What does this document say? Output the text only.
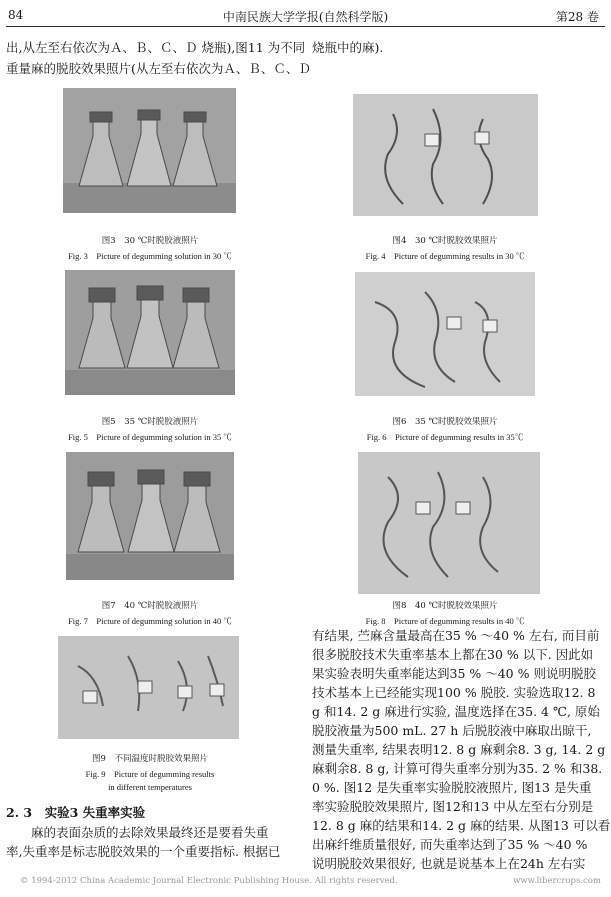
84	中南民族大学学报(自然科学版)	第28 卷
出,从左至右依次为Ａ、Ｂ、Ｃ、Ｄ 烧瓶),图11 为不同
重量麻的脱胶效果照片(从左至右依次为Ａ、Ｂ、Ｃ、Ｄ
烧瓶中的麻).
图3　30 ℃时脱胶液照片
Fig. 3　Picture of degumming solution in 30 ℃
图4　30 ℃时脱胶效果照片
Fig. 4　Picture of degumming results in 30 ℃
图5　35 ℃时脱胶液照片
Fig. 5　Picture of degumming solution in 35 ℃
图6　35 ℃时脱胶效果照片
Fig. 6　Picture of degumming results in 35℃
图7　40 ℃时脱胶液照片
Fig. 7　Picture of degumming solution in 40 ℃
图8　40 ℃时脱胶效果照片
Fig. 8　Picture of degumming results in 40 ℃
图9　不同温度时脱胶效果照片
Fig. 9　Picture of degumming results
in different temperatures
2. 3　实验3 失重率实验
　　麻的表面杂质的去除效果最终还是要看失重
率,失重率是标志脱胶效果的一个重要指标. 根据已
有结果, 苎麻含量最高在35 % ～40 % 左右, 而目前
很多脱胶技术失重率基本上都在30 % 以下. 因此如
果实验表明失重率能达到35 % ～40 % 则说明脱胶
技术基本上已经能实现100 % 脱胶. 实验选取12. 8
g 和14. 2 g 麻进行实验, 温度选择在35. 4 ℃, 原始
脱胶液量为500 mL. 27 h 后脱胶液中麻取出晾干,
测量失重率, 结果表明12. 8 g 麻剩余8. 3 g, 14. 2 g
麻剩余8. 8 g, 计算可得失重率分别为35. 2 % 和38.
0 %. 图12 是失重率实验脱胶液照片, 图13 是失重
率实验脱胶效果照片, 图12和13 中从左至右分别是
12. 8 g 麻的结果和14. 2 g 麻的结果. 从图13 可以看
出麻纤维质量很好, 而失重率达到了35 % ～40 %
说明脱胶效果很好, 也就是说基本上在24h 左右实
© 1994-2012 China Academic Journal Electronic Publishing House. All rights reserved.	www.libercrops.com
